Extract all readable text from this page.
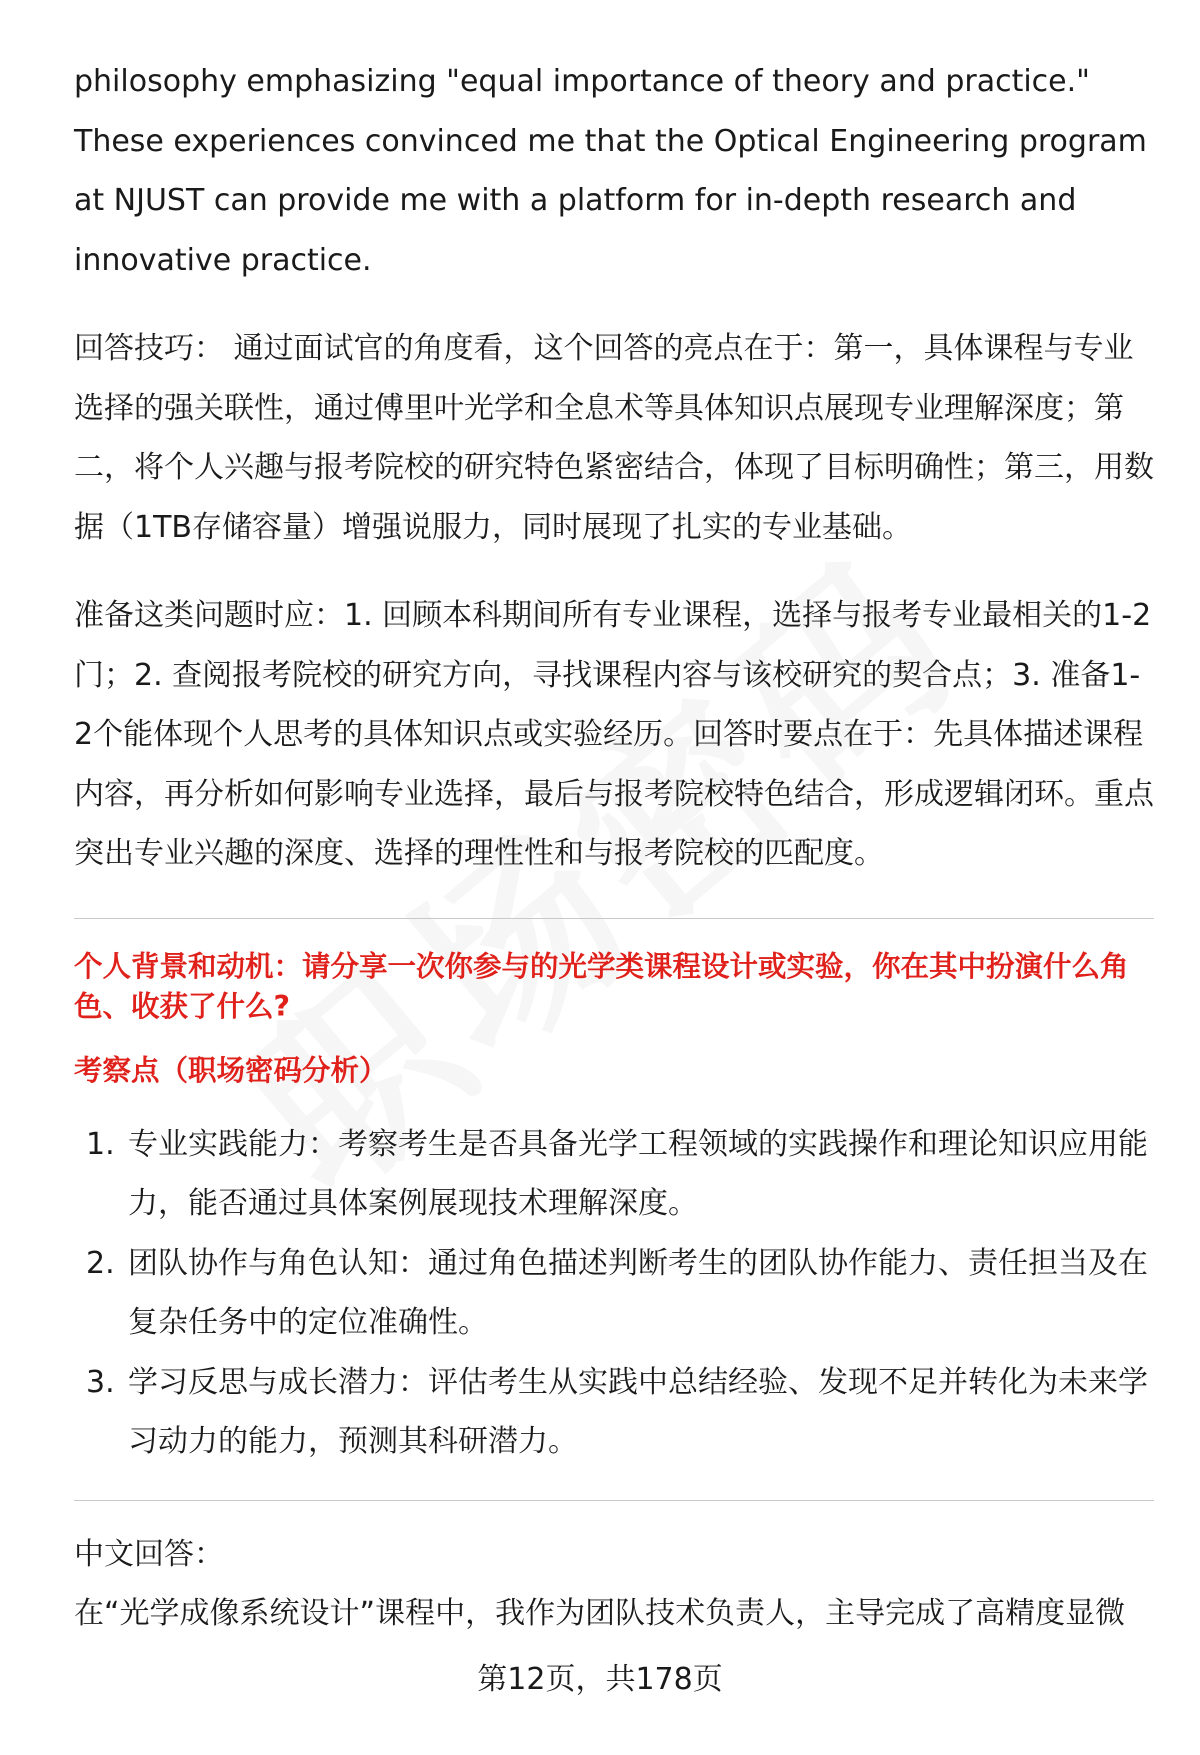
philosophy emphasizing "equal importance of theory and practice." These experiences convinced me that the Optical Engineering program at NJUST can provide me with a platform for in-depth research and innovative practice.

回答技巧： 通过面试官的角度看，这个回答的亮点在于：第一，具体课程与专业选择的强关联性，通过傅里叶光学和全息术等具体知识点展现专业理解深度；第二，将个人兴趣与报考院校的研究特色紧密结合，体现了目标明确性；第三，用数据（1TB存储容量）增强说服力，同时展现了扎实的专业基础。

准备这类问题时应：1. 回顾本科期间所有专业课程，选择与报考专业最相关的1-2门；2. 查阅报考院校的研究方向，寻找课程内容与该校研究的契合点；3. 准备1-2个能体现个人思考的具体知识点或实验经历。回答时要点在于：先具体描述课程内容，再分析如何影响专业选择，最后与报考院校特色结合，形成逻辑闭环。重点突出专业兴趣的深度、选择的理性性和与报考院校的匹配度。

个人背景和动机：请分享一次你参与的光学类课程设计或实验，你在其中扮演什么角色、收获了什么?

考察点（职场密码分析）

1. 专业实践能力：考察考生是否具备光学工程领域的实践操作和理论知识应用能力，能否通过具体案例展现技术理解深度。
2. 团队协作与角色认知：通过角色描述判断考生的团队协作能力、责任担当及在复杂任务中的定位准确性。
3. 学习反思与成长潜力：评估考生从实践中总结经验、发现不足并转化为未来学习动力的能力，预测其科研潜力。

中文回答：

在“光学成像系统设计”课程中，我作为团队技术负责人，主导完成了高精度显微

第12页，共178页
